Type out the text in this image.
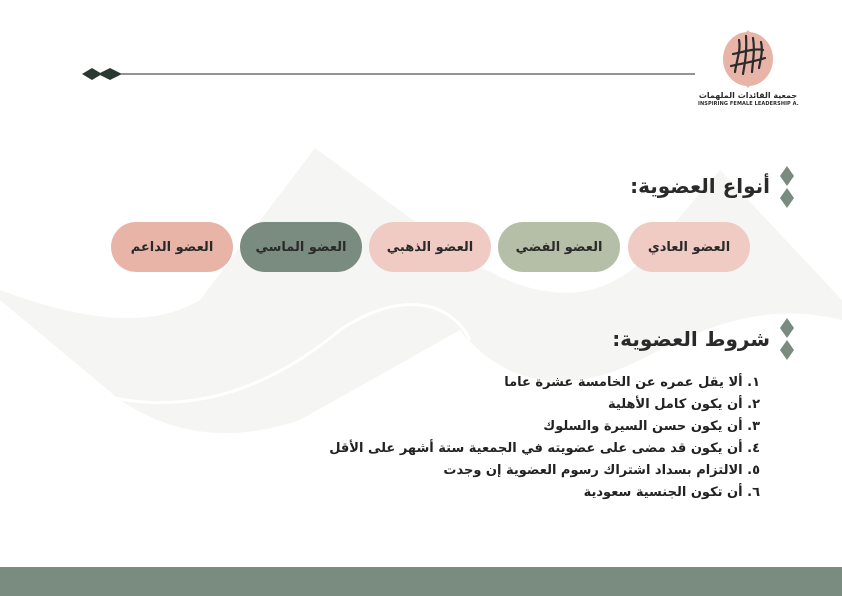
جمعية القائدات الملهمات
INSPIRING FEMALE LEADERSHIP A.
أنواع العضوية:
العضو العادي
العضو الفضي
العضو الذهبي
العضو الماسي
العضو الداعم
شروط العضوية:
١. ألا يقل عمره عن الخامسة عشرة عاما
٢. أن يكون كامل الأهلية
٣. أن يكون حسن السيرة والسلوك
٤. أن يكون قد مضى على عضويته في الجمعية ستة أشهر على الأقل
٥. الالتزام بسداد اشتراك رسوم العضوية إن وجدت
٦. أن تكون الجنسية سعودية
